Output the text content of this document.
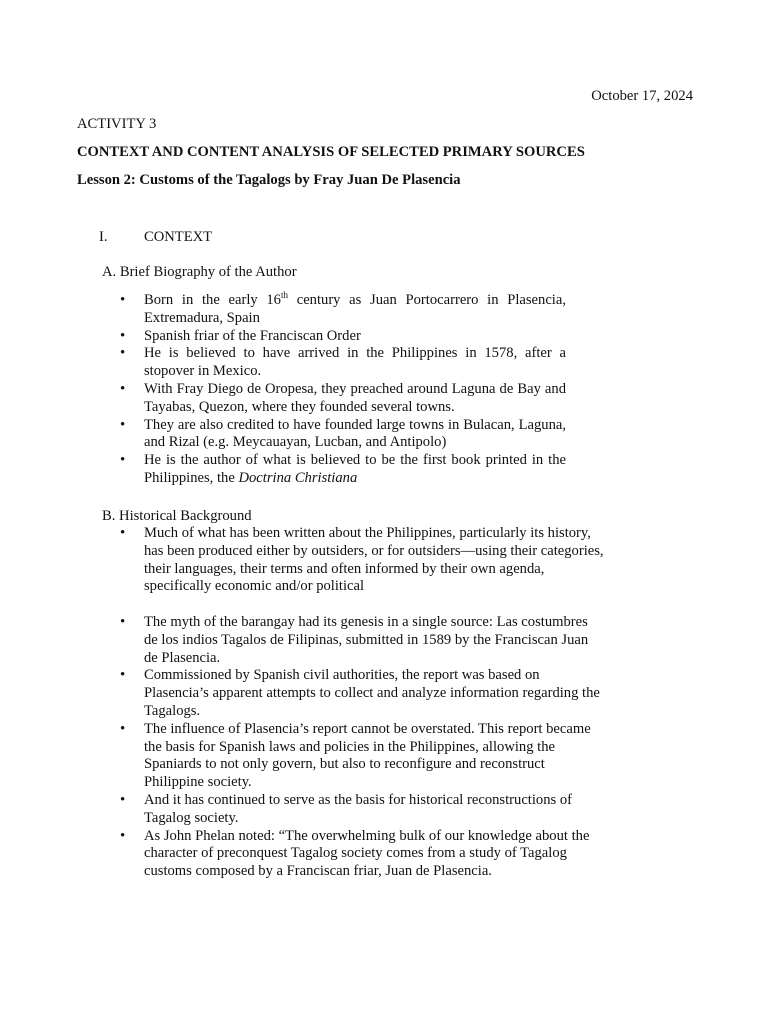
October 17, 2024
ACTIVITY 3
CONTEXT AND CONTENT ANALYSIS OF SELECTED PRIMARY SOURCES
Lesson 2: Customs of the Tagalogs by Fray Juan De Plasencia
I. CONTEXT
A. Brief Biography of the Author
• Born in the early 16th century as Juan Portocarrero in Plasencia, Extremadura, Spain
• Spanish friar of the Franciscan Order
• He is believed to have arrived in the Philippines in 1578, after a stopover in Mexico.
• With Fray Diego de Oropesa, they preached around Laguna de Bay and Tayabas, Quezon, where they founded several towns.
• They are also credited to have founded large towns in Bulacan, Laguna, and Rizal (e.g. Meycauayan, Lucban, and Antipolo)
• He is the author of what is believed to be the first book printed in the Philippines, the Doctrina Christiana
B. Historical Background
• Much of what has been written about the Philippines, particularly its history, has been produced either by outsiders, or for outsiders—using their categories, their languages, their terms and often informed by their own agenda, specifically economic and/or political
• The myth of the barangay had its genesis in a single source: Las costumbres de los indios Tagalos de Filipinas, submitted in 1589 by the Franciscan Juan de Plasencia.
• Commissioned by Spanish civil authorities, the report was based on Plasencia’s apparent attempts to collect and analyze information regarding the Tagalogs.
• The influence of Plasencia’s report cannot be overstated. This report became the basis for Spanish laws and policies in the Philippines, allowing the Spaniards to not only govern, but also to reconfigure and reconstruct Philippine society.
• And it has continued to serve as the basis for historical reconstructions of Tagalog society.
• As John Phelan noted: “The overwhelming bulk of our knowledge about the character of preconquest Tagalog society comes from a study of Tagalog customs composed by a Franciscan friar, Juan de Plasencia.
